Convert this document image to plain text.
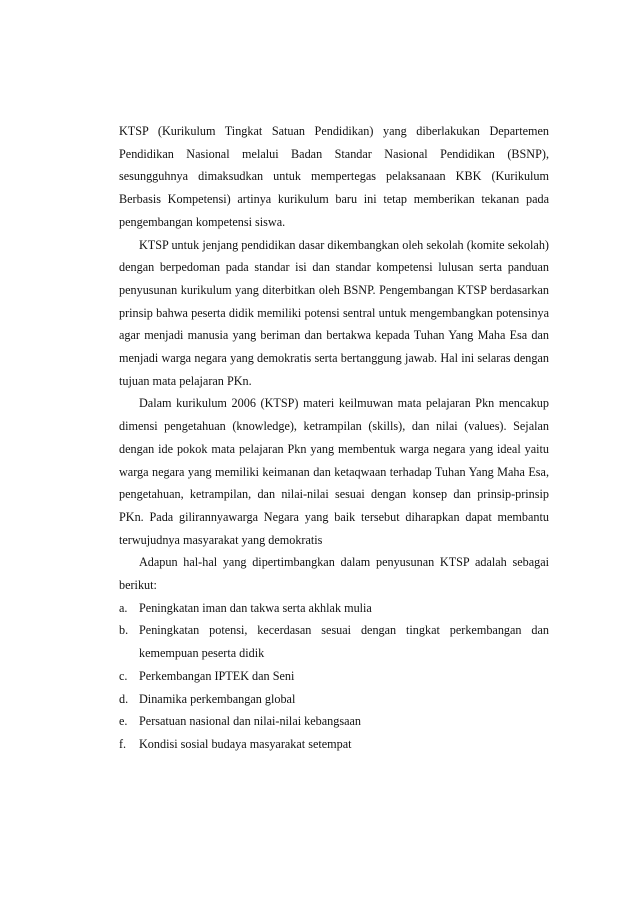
KTSP (Kurikulum Tingkat Satuan Pendidikan) yang diberlakukan Departemen Pendidikan Nasional melalui Badan Standar Nasional Pendidikan (BSNP), sesungguhnya dimaksudkan untuk mempertegas pelaksanaan KBK (Kurikulum Berbasis Kompetensi) artinya kurikulum baru ini tetap memberikan tekanan pada pengembangan kompetensi siswa.

KTSP untuk jenjang pendidikan dasar dikembangkan oleh sekolah (komite sekolah) dengan berpedoman pada standar isi dan standar kompetensi lulusan serta panduan penyusunan kurikulum yang diterbitkan oleh BSNP. Pengembangan KTSP berdasarkan prinsip bahwa peserta didik memiliki potensi sentral untuk mengembangkan potensinya agar menjadi manusia yang beriman dan bertakwa kepada Tuhan Yang Maha Esa dan menjadi warga negara yang demokratis serta bertanggung jawab. Hal ini selaras dengan tujuan mata pelajaran PKn.

Dalam kurikulum 2006 (KTSP) materi keilmuwan mata pelajaran Pkn mencakup dimensi pengetahuan (knowledge), ketrampilan (skills), dan nilai (values). Sejalan dengan ide pokok mata pelajaran Pkn yang membentuk warga negara yang ideal yaitu warga negara yang memiliki keimanan dan ketaqwaan terhadap Tuhan Yang Maha Esa, pengetahuan, ketrampilan, dan nilai-nilai sesuai dengan konsep dan prinsip-prinsip PKn. Pada gilirannyawarga Negara yang baik tersebut diharapkan dapat membantu terwujudnya masyarakat yang demokratis

Adapun hal-hal yang dipertimbangkan dalam penyusunan KTSP adalah sebagai berikut:

a. Peningkatan iman dan takwa serta akhlak mulia
b. Peningkatan potensi, kecerdasan sesuai dengan tingkat perkembangan dan kemempuan peserta didik
c. Perkembangan IPTEK dan Seni
d. Dinamika perkembangan global
e. Persatuan nasional dan nilai-nilai kebangsaan
f.	Kondisi sosial budaya masyarakat setempat
